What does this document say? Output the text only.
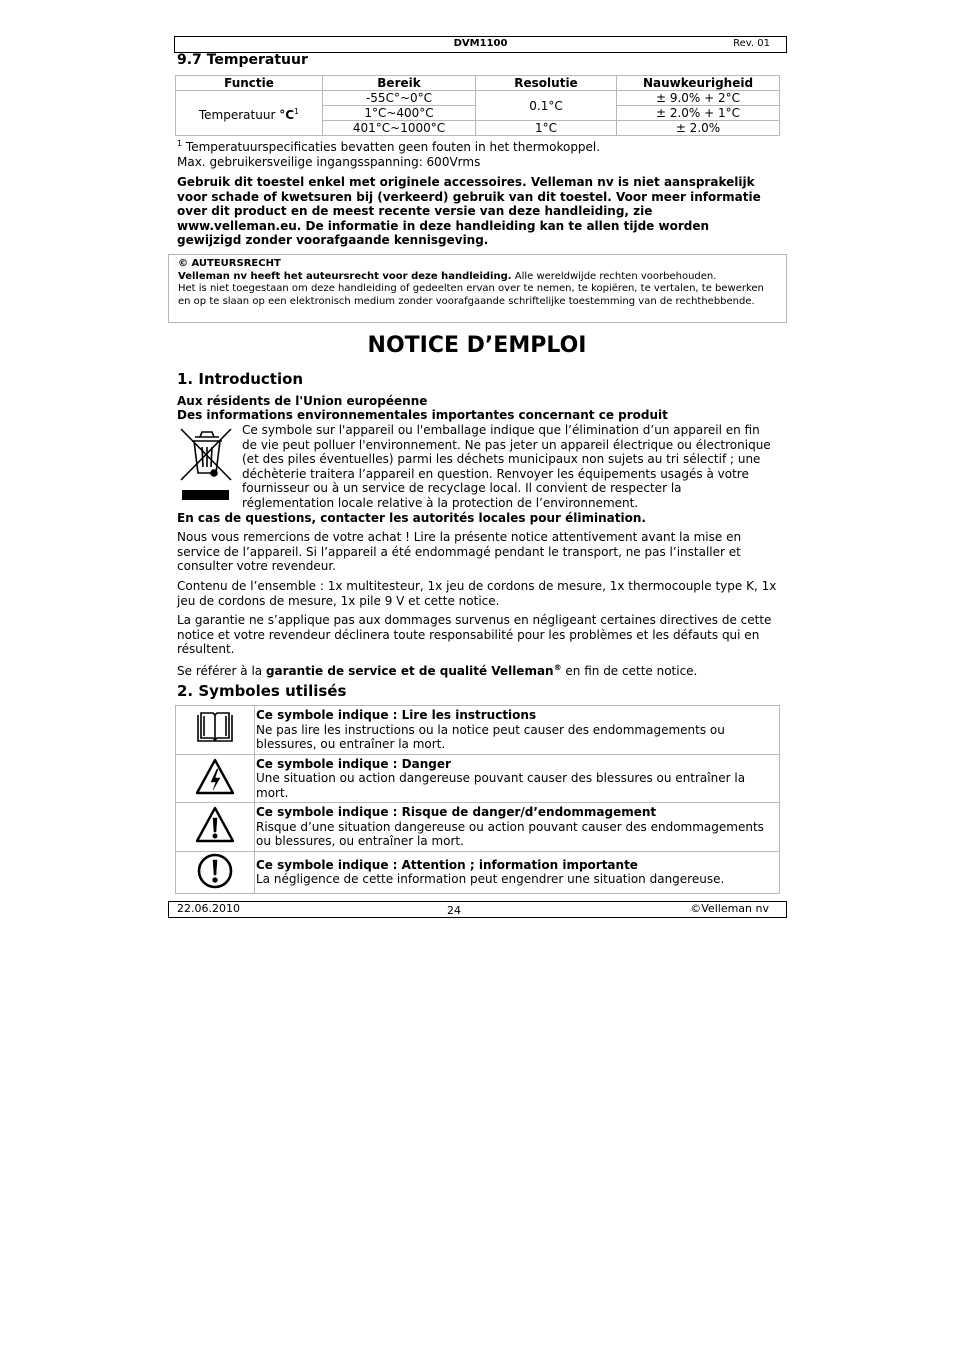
DVM1100	Rev. 01
9.7 Temperatuur
Functie	Bereik	Resolutie	Nauwkeurigheid
Temperatuur $^\circ C^1$	-55C°~0°C	0.1°C	± 9.0% + 2°C
	1°C~400°C		± 2.0% + 1°C
	401°C~1000°C	1°C	± 2.0%
$^1$ Temperatuurspecificaties bevatten geen fouten in het thermokoppel.
Max. gebruikersveilige ingangsspanning: 600Vrms
Gebruik dit toestel enkel met originele accessoires. Velleman nv is niet aansprakelijk voor schade of kwetsuren bij (verkeerd) gebruik van dit toestel. Voor meer informatie over dit product en de meest recente versie van deze handleiding, zie www.velleman.eu. De informatie in deze handleiding kan te allen tijde worden gewijzigd zonder voorafgaande kennisgeving.
© AUTEURSRECHT
Velleman nv heeft het auteursrecht voor deze handleiding. Alle wereldwijde rechten voorbehouden.
Het is niet toegestaan om deze handleiding of gedeelten ervan over te nemen, te kopiëren, te vertalen, te bewerken en op te slaan op een elektronisch medium zonder voorafgaande schriftelijke toestemming van de rechthebbende.
NOTICE D’EMPLOI
1. Introduction
Aux résidents de l'Union européenne
Des informations environnementales importantes concernant ce produit
Ce symbole sur l'appareil ou l'emballage indique que l’élimination d’un appareil en fin de vie peut polluer l'environnement. Ne pas jeter un appareil électrique ou électronique (et des piles éventuelles) parmi les déchets municipaux non sujets au tri sélectif ; une déchèterie traitera l’appareil en question. Renvoyer les équipements usagés à votre fournisseur ou à un service de recyclage local. Il convient de respecter la réglementation locale relative à la protection de l’environnement.
En cas de questions, contacter les autorités locales pour élimination.
Nous vous remercions de votre achat ! Lire la présente notice attentivement avant la mise en service de l’appareil. Si l’appareil a été endommagé pendant le transport, ne pas l’installer et consulter votre revendeur.
Contenu de l’ensemble : 1x multitesteur, 1x jeu de cordons de mesure, 1x thermocouple type K, 1x jeu de cordons de mesure, 1x pile 9 V et cette notice.
La garantie ne s’applique pas aux dommages survenus en négligeant certaines directives de cette notice et votre revendeur déclinera toute responsabilité pour les problèmes et les défauts qui en résultent.
Se référer à la garantie de service et de qualité Velleman® en fin de cette notice.
2. Symboles utilisés

Ce symbole indique : Lire les instructions
Ne pas lire les instructions ou la notice peut causer des endommagements ou blessures, ou entraîner la mort.

Ce symbole indique : Danger
Une situation ou action dangereuse pouvant causer des blessures ou entraîner la mort.

Ce symbole indique : Risque de danger/d’endommagement
Risque d’une situation dangereuse ou action pouvant causer des endommagements ou blessures, ou entraîner la mort.

Ce symbole indique : Attention ; information importante
La négligence de cette information peut engendrer une situation dangereuse.
22.06.2010	24	©Velleman nv
